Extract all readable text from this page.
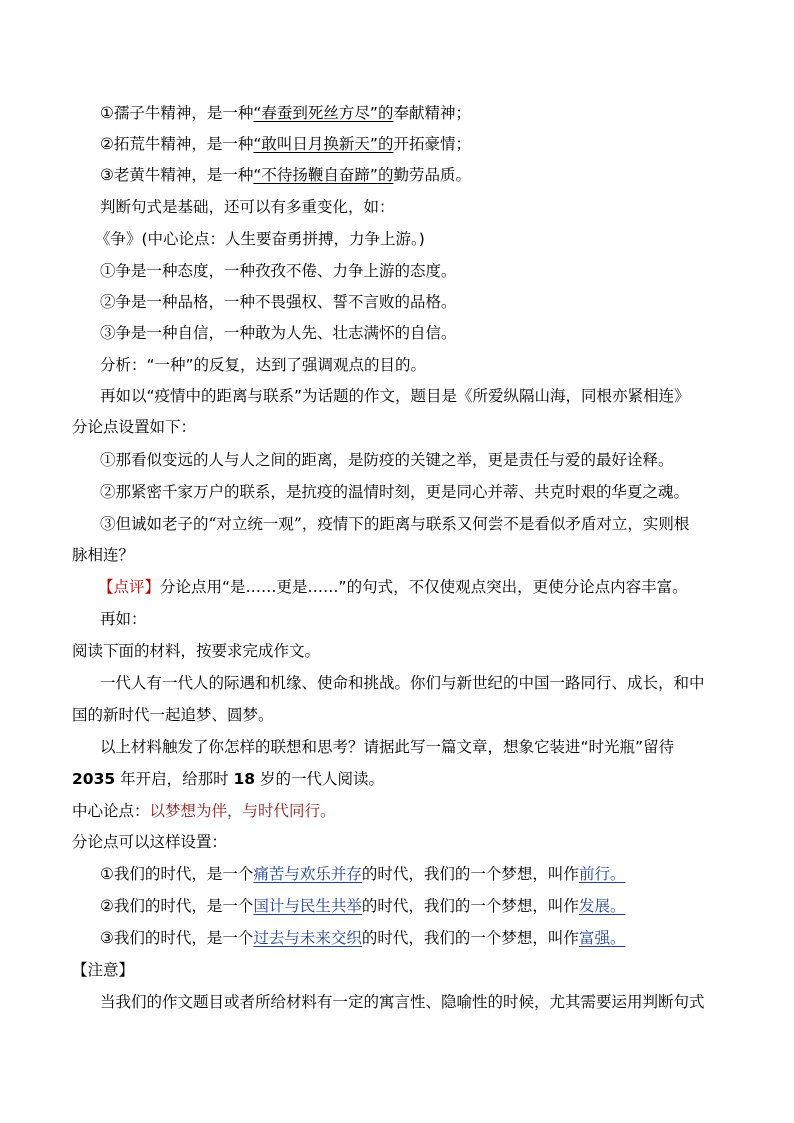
①孺子牛精神，是一种“春蚕到死丝方尽”的奉献精神；
②拓荒牛精神，是一种“敢叫日月换新天”的开拓豪情；
③老黄牛精神，是一种“不待扬鞭自奋蹄”的勤劳品质。
判断句式是基础，还可以有多重变化，如：
《争》(中心论点：人生要奋勇拼搏，力争上游。)
①争是一种态度，一种孜孜不倦、力争上游的态度。
②争是一种品格，一种不畏强权、誓不言败的品格。
③争是一种自信，一种敢为人先、壮志满怀的自信。
分析：“一种”的反复，达到了强调观点的目的。
再如以“疫情中的距离与联系”为话题的作文，题目是《所爱纵隔山海，同根亦紧相连》
分论点设置如下：
①那看似变远的人与人之间的距离，是防疫的关键之举，更是责任与爱的最好诠释。
②那紧密千家万户的联系，是抗疫的温情时刻，更是同心并蒂、共克时艰的华夏之魂。
③但诚如老子的“对立统一观”，疫情下的距离与联系又何尝不是看似矛盾对立，实则根
脉相连？
【点评】分论点用“是……更是……”的句式，不仅使观点突出，更使分论点内容丰富。
再如：
阅读下面的材料，按要求完成作文。
一代人有一代人的际遇和机缘、使命和挑战。你们与新世纪的中国一路同行、成长，和中
国的新时代一起追梦、圆梦。
以上材料触发了你怎样的联想和思考？请据此写一篇文章，想象它装进“时光瓶”留待
2035 年开启，给那时 18 岁的一代人阅读。
中心论点：以梦想为伴，与时代同行。
分论点可以这样设置：
①我们的时代，是一个痛苦与欢乐并存的时代，我们的一个梦想，叫作前行。
②我们的时代，是一个国计与民生共举的时代，我们的一个梦想，叫作发展。
③我们的时代，是一个过去与未来交织的时代，我们的一个梦想，叫作富强。
【注意】
当我们的作文题目或者所给材料有一定的寓言性、隐喻性的时候，尤其需要运用判断句式
